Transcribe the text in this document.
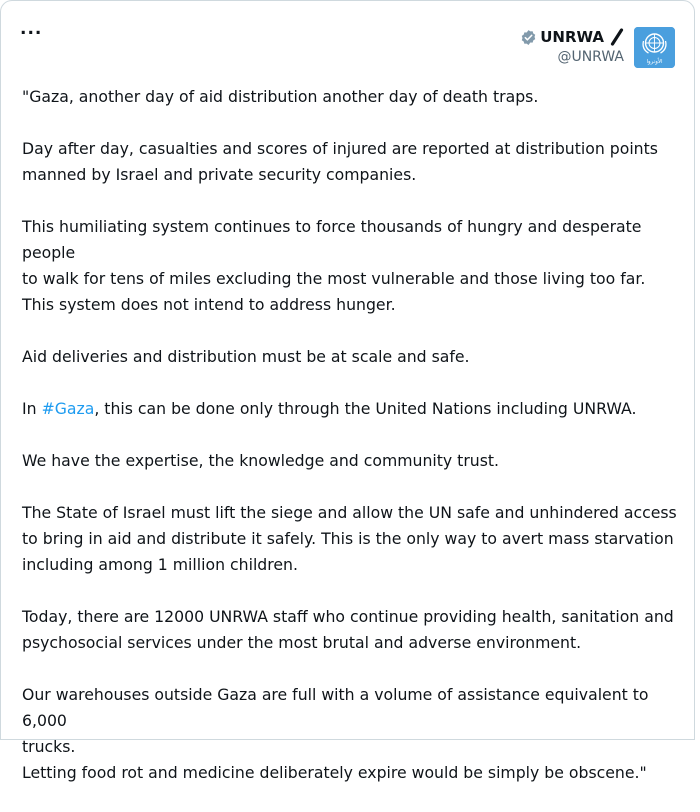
...	UNRWA
@UNRWA	الأونروا

"Gaza, another day of aid distribution another day of death traps.

Day after day, casualties and scores of injured are reported at distribution points
manned by Israel and private security companies.

This humiliating system continues to force thousands of hungry and desperate people
to walk for tens of miles excluding the most vulnerable and those living too far.
This system does not intend to address hunger.

Aid deliveries and distribution must be at scale and safe.

In #Gaza, this can be done only through the United Nations including UNRWA.

We have the expertise, the knowledge and community trust.

The State of Israel must lift the siege and allow the UN safe and unhindered access
to bring in aid and distribute it safely. This is the only way to avert mass starvation
including among 1 million children.

Today, there are 12000 UNRWA staff who continue providing health, sanitation and
psychosocial services under the most brutal and adverse environment.

Our warehouses outside Gaza are full with a volume of assistance equivalent to 6,000
trucks.
Letting food rot and medicine deliberately expire would be simply be obscene."
